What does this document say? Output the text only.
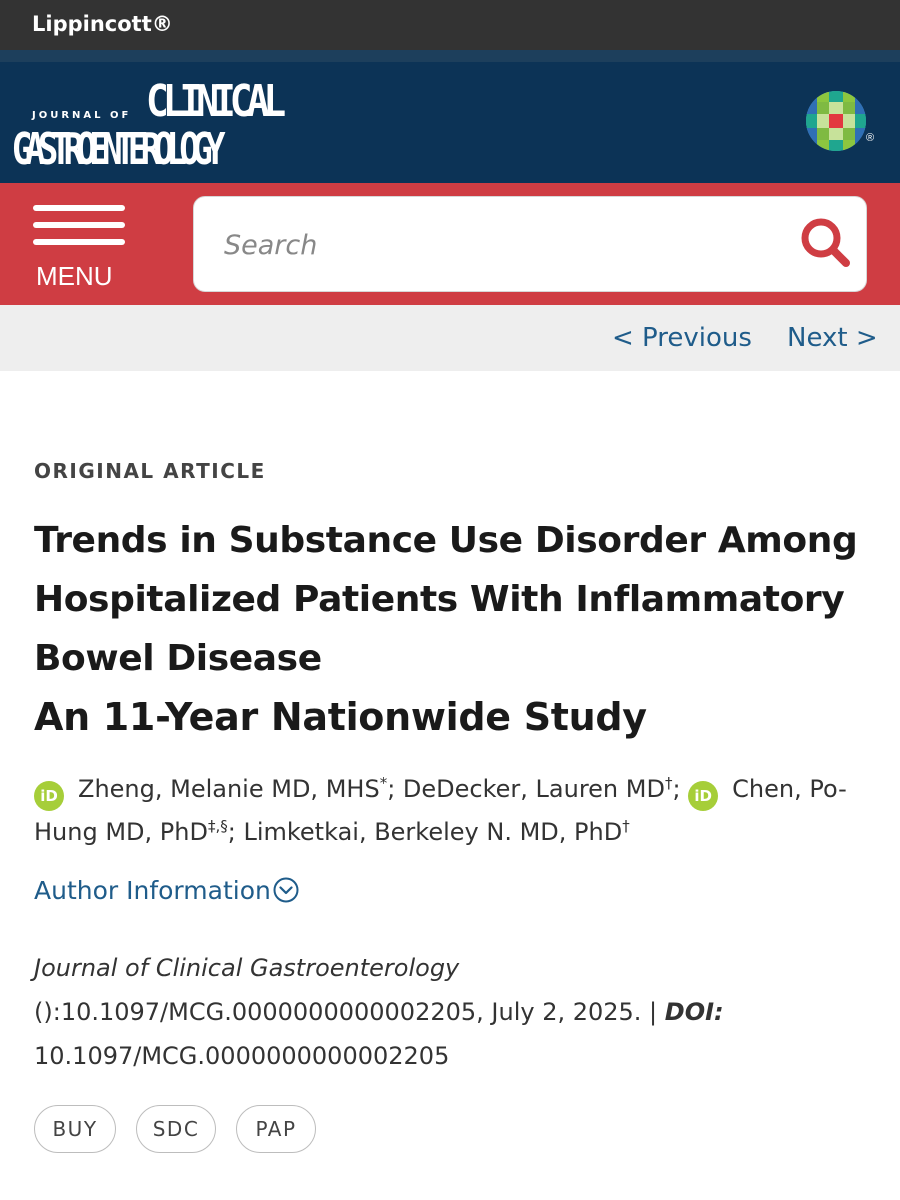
Lippincott®
JOURNAL OF CLINICAL
GASTROENTEROLOGY	®
MENU
Search
< Previous Next >
ORIGINAL ARTICLE
Trends in Substance Use Disorder Among Hospitalized Patients With Inflammatory Bowel Disease
An 11-Year Nationwide Study
iD Zheng, Melanie MD, MHS*; DeDecker, Lauren MD†; iD Chen, Po-Hung MD, PhD‡,§; Limketkai, Berkeley N. MD, PhD†
Author Information
Journal of Clinical Gastroenterology
():10.1097/MCG.0000000000002205, July 2, 2025. | DOI:
10.1097/MCG.0000000000002205
BUY	SDC	PAP
